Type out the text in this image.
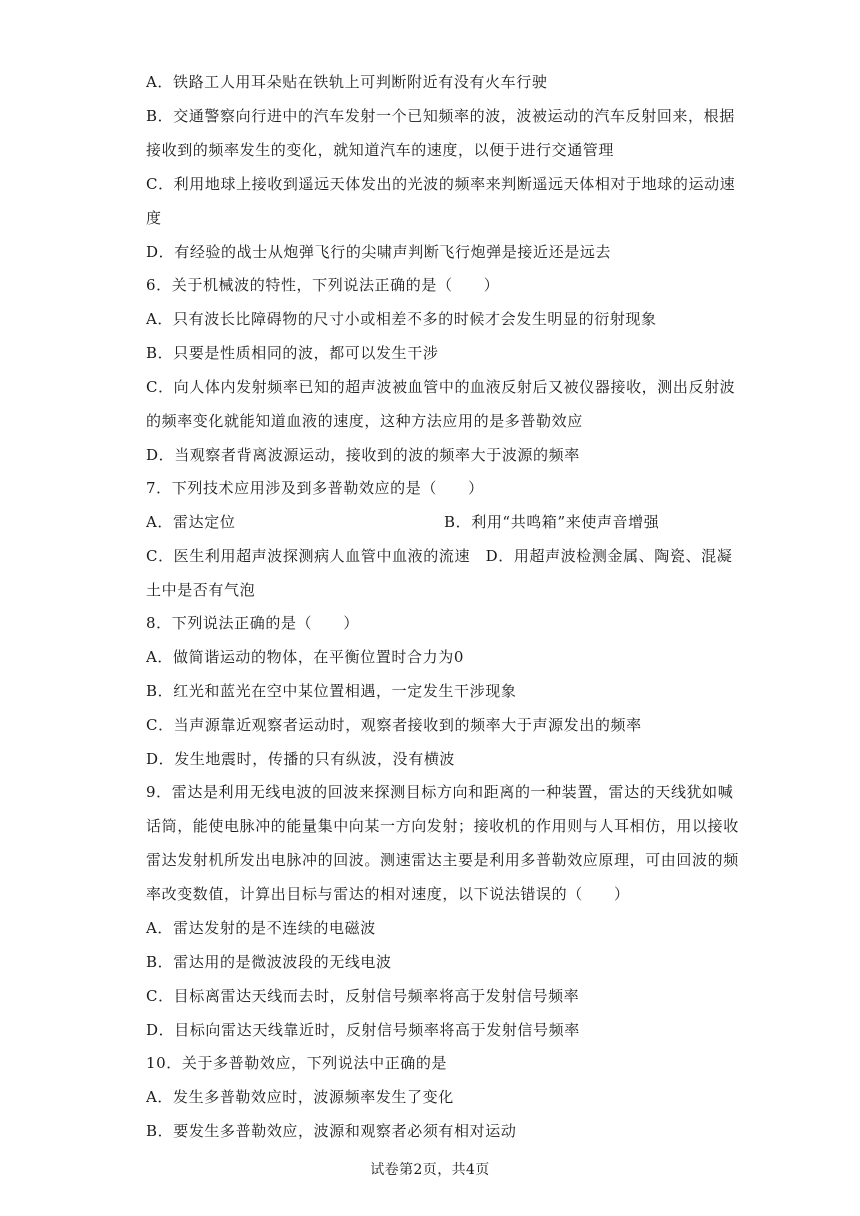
A．铁路工人用耳朵贴在铁轨上可判断附近有没有火车行驶
B．交通警察向行进中的汽车发射一个已知频率的波，波被运动的汽车反射回来，根据
接收到的频率发生的变化，就知道汽车的速度，以便于进行交通管理
C．利用地球上接收到遥远天体发出的光波的频率来判断遥远天体相对于地球的运动速
度
D．有经验的战士从炮弹飞行的尖啸声判断飞行炮弹是接近还是远去
6．关于机械波的特性，下列说法正确的是（　　）
A．只有波长比障碍物的尺寸小或相差不多的时候才会发生明显的衍射现象
B．只要是性质相同的波，都可以发生干涉
C．向人体内发射频率已知的超声波被血管中的血液反射后又被仪器接收，测出反射波
的频率变化就能知道血液的速度，这种方法应用的是多普勒效应
D．当观察者背离波源运动，接收到的波的频率大于波源的频率
7．下列技术应用涉及到多普勒效应的是（　　）
A．雷达定位	B．利用“共鸣箱”来使声音增强
C．医生利用超声波探测病人血管中血液的流速　D．用超声波检测金属、陶瓷、混凝
土中是否有气泡
8．下列说法正确的是（　　）
A．做简谐运动的物体，在平衡位置时合力为0
B．红光和蓝光在空中某位置相遇，一定发生干涉现象
C．当声源靠近观察者运动时，观察者接收到的频率大于声源发出的频率
D．发生地震时，传播的只有纵波，没有横波
9．雷达是利用无线电波的回波来探测目标方向和距离的一种装置，雷达的天线犹如喊
话筒，能使电脉冲的能量集中向某一方向发射；接收机的作用则与人耳相仿，用以接收
雷达发射机所发出电脉冲的回波。测速雷达主要是利用多普勒效应原理，可由回波的频
率改变数值，计算出目标与雷达的相对速度，以下说法错误的（　　）
A．雷达发射的是不连续的电磁波
B．雷达用的是微波波段的无线电波
C．目标离雷达天线而去时，反射信号频率将高于发射信号频率
D．目标向雷达天线靠近时，反射信号频率将高于发射信号频率
10．关于多普勒效应，下列说法中正确的是
A．发生多普勒效应时，波源频率发生了变化
B．要发生多普勒效应，波源和观察者必须有相对运动
试卷第2页，共4页
